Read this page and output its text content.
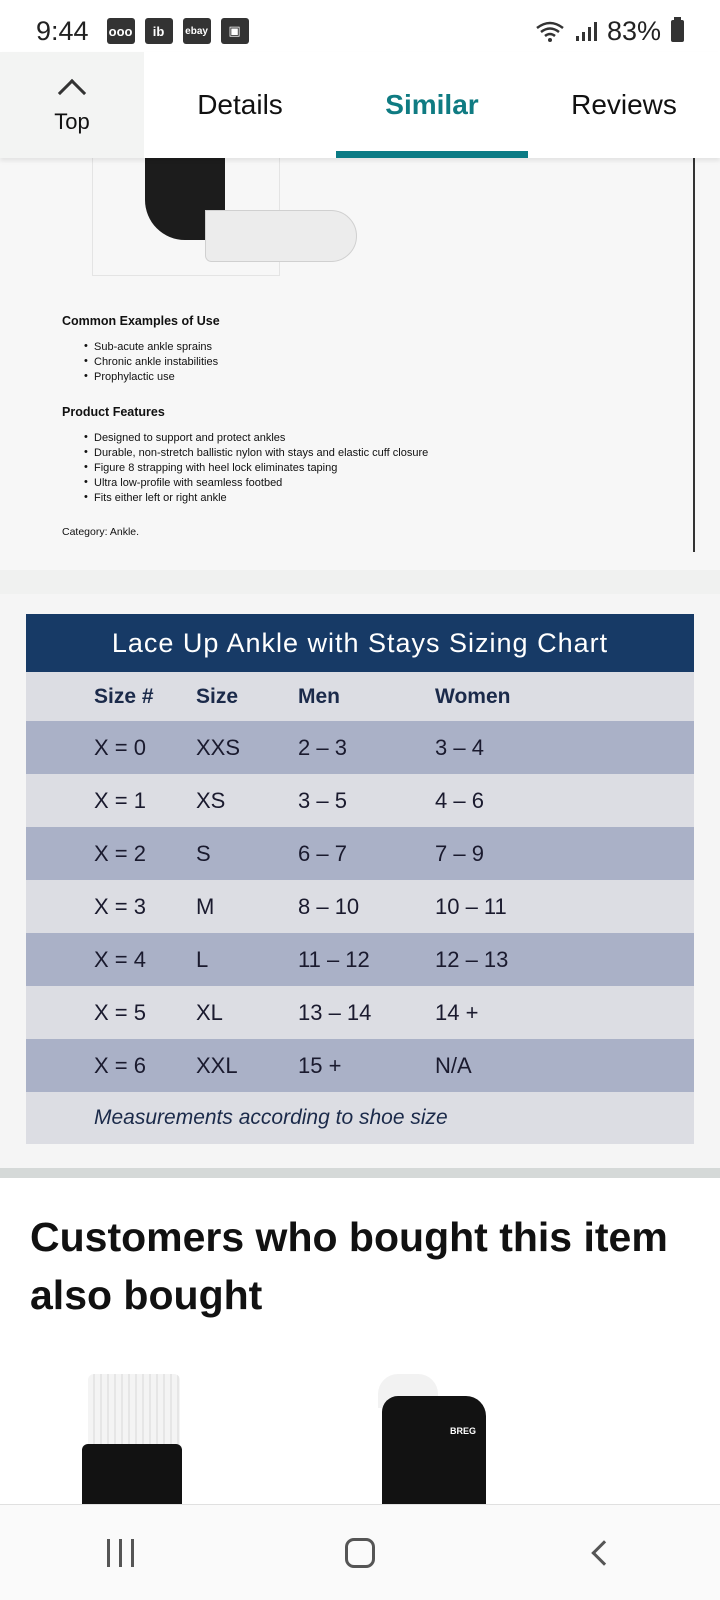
9:44 ooo	ib	ebay	▣	83%
Top
Details	Similar	Reviews
Common Examples of Use
• Sub-acute ankle sprains
• Chronic ankle instabilities
• Prophylactic use
Product Features
• Designed to support and protect ankles
• Durable, non-stretch ballistic nylon with stays and elastic cuff closure
• Figure 8 strapping with heel lock eliminates taping
• Ultra low-profile with seamless footbed
• Fits either left or right ankle
Category: Ankle.
Lace Up Ankle with Stays Sizing Chart
Size #	Size	Men	Women
X = 0	XXS	2 – 3	3 – 4
X = 1	XS	3 – 5	4 – 6
X = 2	S	6 – 7	7 – 9
X = 3	M	8 – 10	10 – 11
X = 4	L	11 – 12	12 – 13
X = 5	XL	13 – 14	14 +
X = 6	XXL	15 +	N/A
Measurements according to shoe size
Customers who bought this item also bought
BREG
